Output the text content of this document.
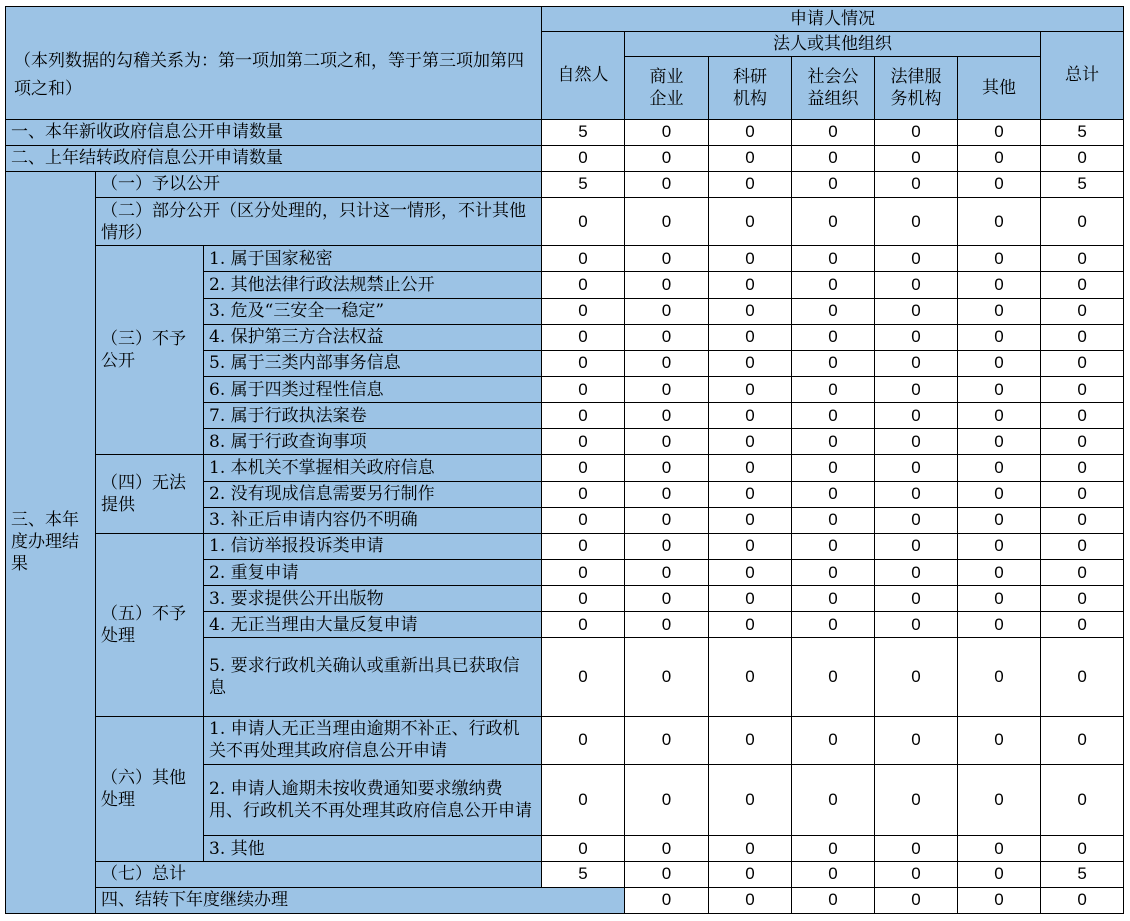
（本列数据的勾稽关系为：第一项加第二项之和，等于第三项加第四项之和）			申请人情况							
			自然人	法人或其他组织					总计	
				商业企业	科研机构	社会公益组织	法律服务机构	其他		
一、本年新收政府信息公开申请数量			5	0	0	0	0	0	5	
二、上年结转政府信息公开申请数量			0	0	0	0	0	0	0	
三、本年度办理结果	（一）予以公开		5	0	0	0	0	0	5	
	（二）部分公开（区分处理的，只计这一情形，不计其他情形）		0	0	0	0	0	0	0	
	（三）不予公开	1. 属于国家秘密	0	0	0	0	0	0	0	
		2. 其他法律行政法规禁止公开	0	0	0	0	0	0	0	
		3. 危及“三安全一稳定”	0	0	0	0	0	0	0	
		4. 保护第三方合法权益	0	0	0	0	0	0	0	
		5. 属于三类内部事务信息	0	0	0	0	0	0	0	
		6. 属于四类过程性信息	0	0	0	0	0	0	0	
		7. 属于行政执法案卷	0	0	0	0	0	0	0	
		8. 属于行政查询事项	0	0	0	0	0	0	0	
	（四）无法提供	1. 本机关不掌握相关政府信息	0	0	0	0	0	0	0	
		2. 没有现成信息需要另行制作	0	0	0	0	0	0	0	
		3. 补正后申请内容仍不明确	0	0	0	0	0	0	0	
	（五）不予处理	1. 信访举报投诉类申请	0	0	0	0	0	0	0	
		2. 重复申请	0	0	0	0	0	0	0	
		3. 要求提供公开出版物	0	0	0	0	0	0	0	
		4. 无正当理由大量反复申请	0	0	0	0	0	0	0	
		5. 要求行政机关确认或重新出具已获取信息	0	0	0	0	0	0	0	
	（六）其他处理	1. 申请人无正当理由逾期不补正、行政机关不再处理其政府信息公开申请	0	0	0	0	0	0	0	
		2. 申请人逾期未按收费通知要求缴纳费用、行政机关不再处理其政府信息公开申请	0	0	0	0	0	0	0	
		3. 其他	0	0	0	0	0	0	0	
	（七）总计		5	0	0	0	0	0	5	
	四、结转下年度继续办理			0	0	0	0	0	0	
